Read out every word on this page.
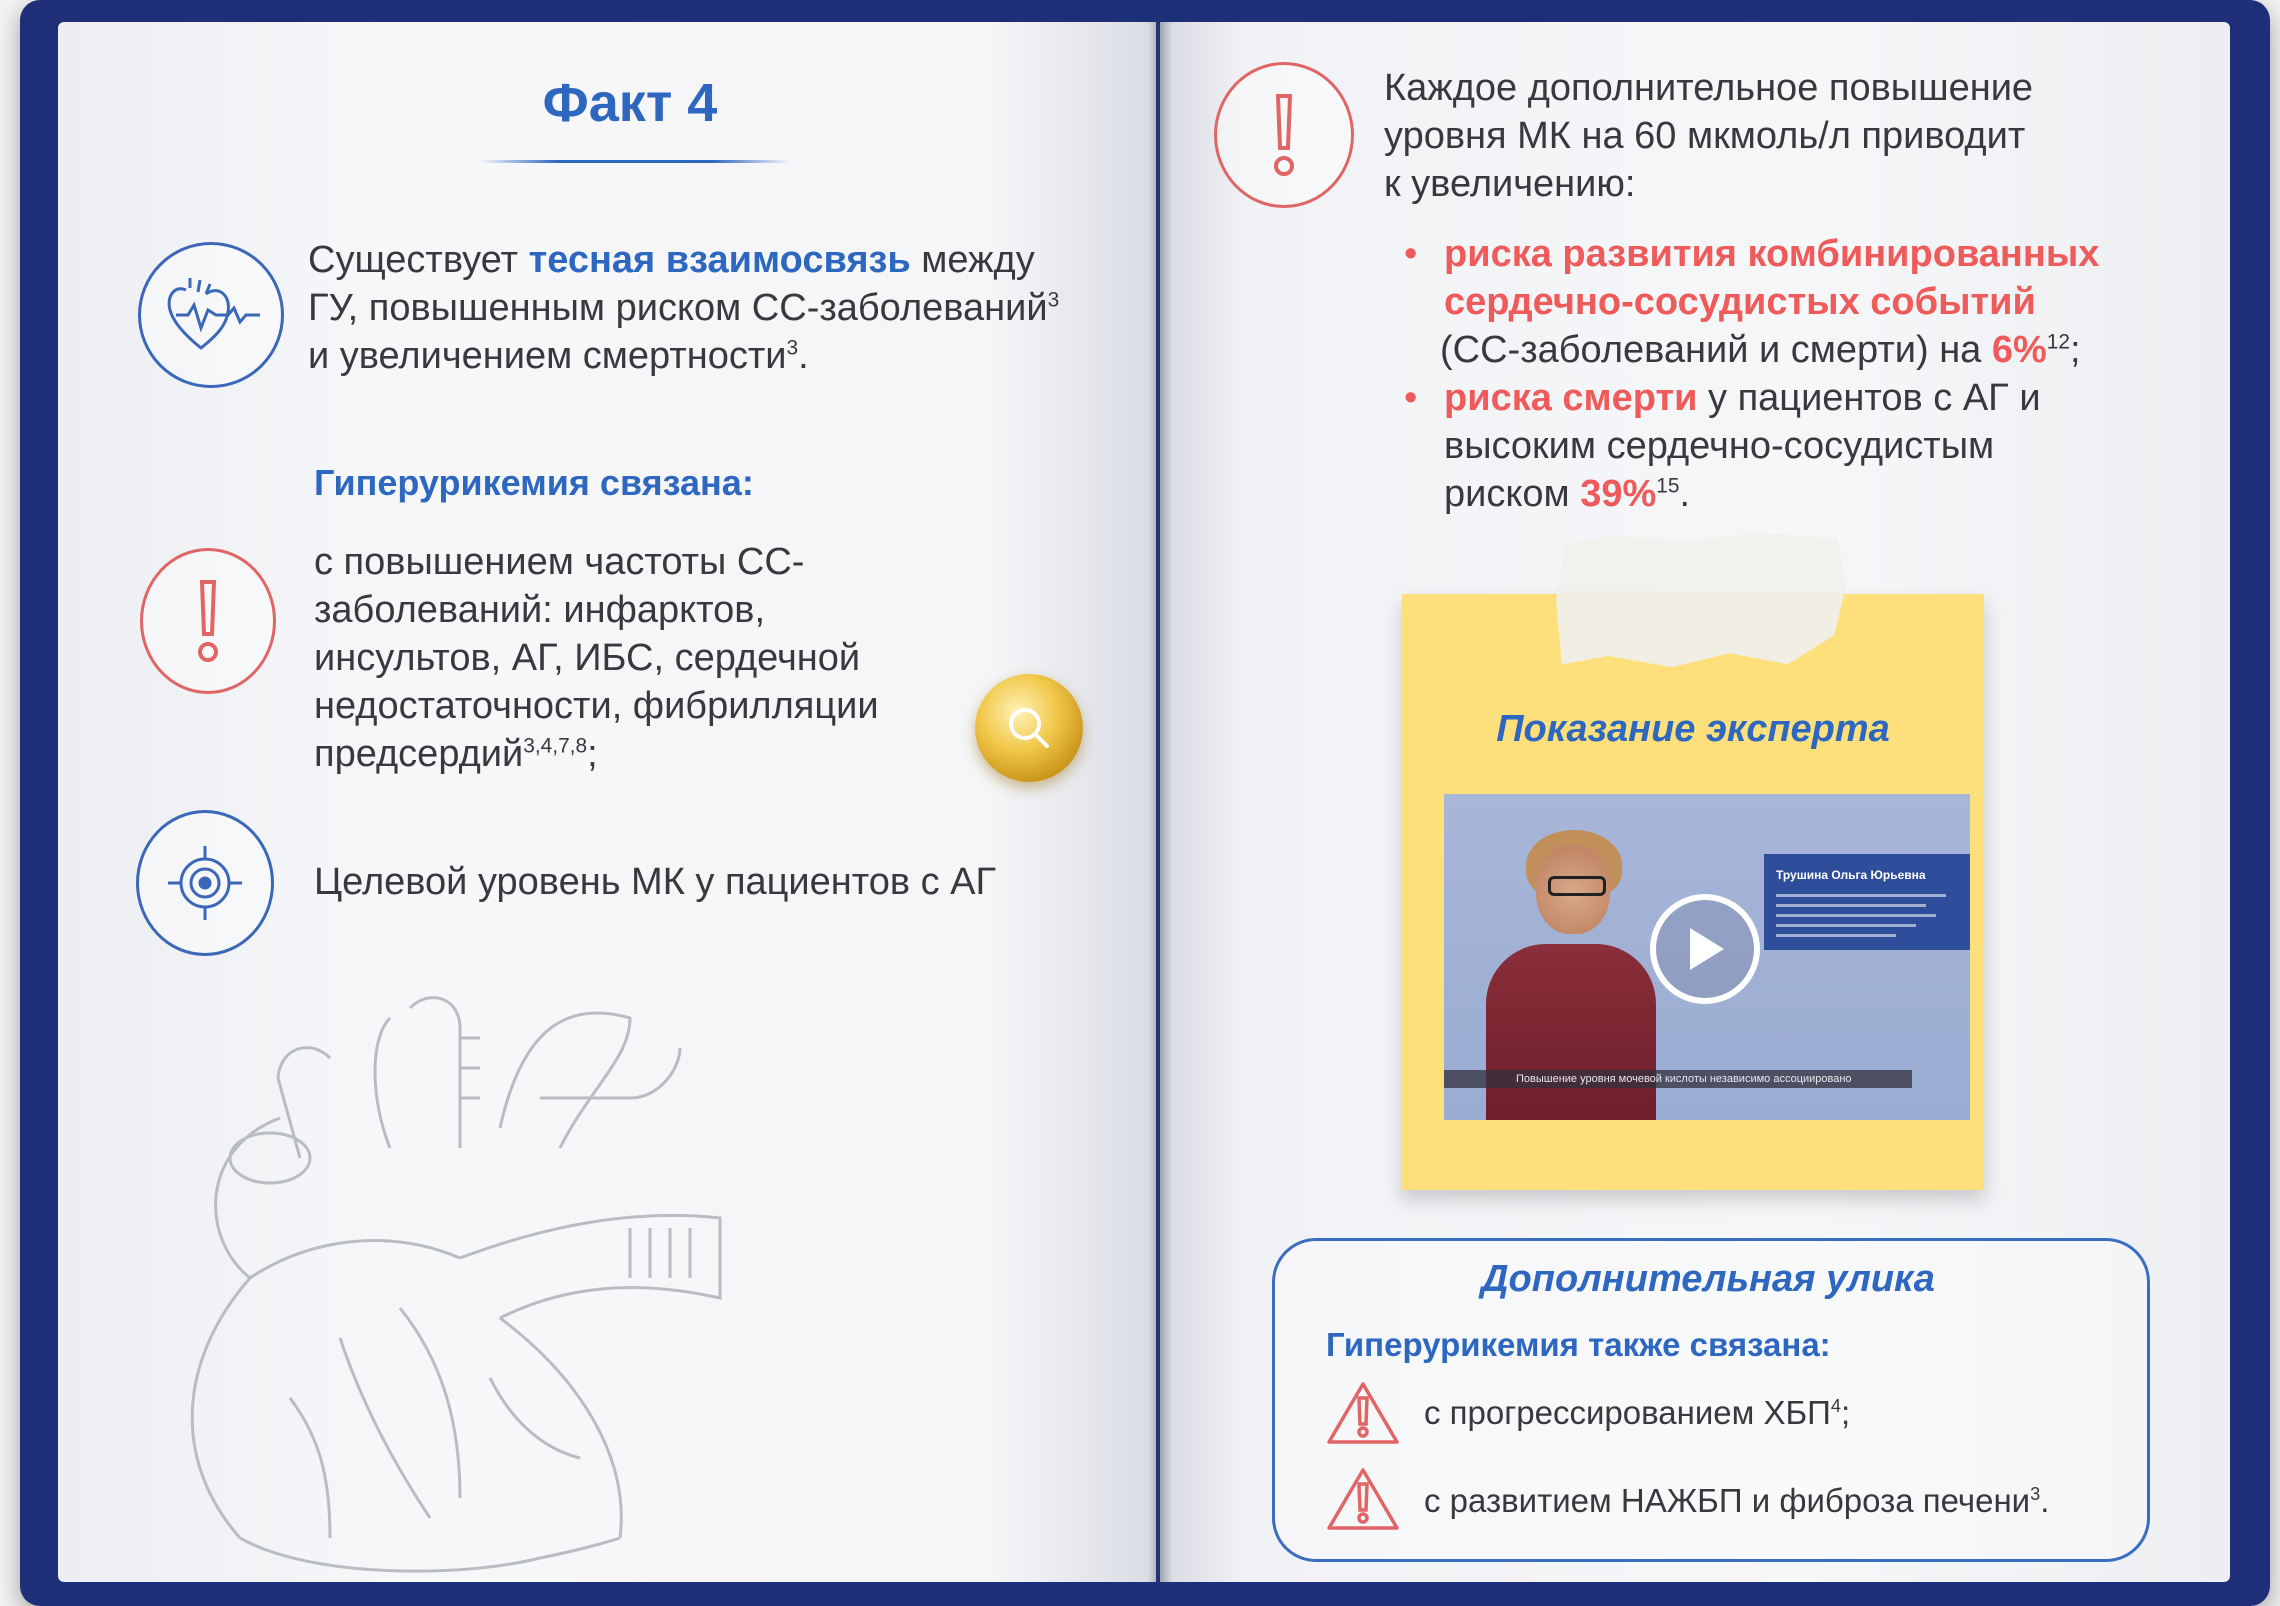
Факт 4
Существует тесная взаимосвязь между
ГУ, повышенным риском СС-заболеваний$^3$
и увеличением смертности$^3$.
Гиперурикемия связана:
с повышением частоты СС-
заболеваний: инфарктов,
инсультов, АГ, ИБС, сердечной
недостаточности, фибрилляции
предсердий$^{3,4,7,8}$;
Целевой уровень МК у пациентов с АГ
Каждое дополнительное повышение
уровня МК на 60 мкмоль/л приводит
к увеличению:
• риска развития комбинированных
сердечно-сосудистых событий
(СС-заболеваний и смерти) на 6%$^{12}$;
• риска смерти у пациентов с АГ и
высоким сердечно-сосудистым
риском 39%$^{15}$.
Показание эксперта
Трушина Ольга Юрьевна
Повышение уровня мочевой кислоты независимо ассоциировано
Дополнительная улика
Гиперурикемия также связана:
с прогрессированием ХБП$^4$;
с развитием НАЖБП и фиброза печени$^3$.
